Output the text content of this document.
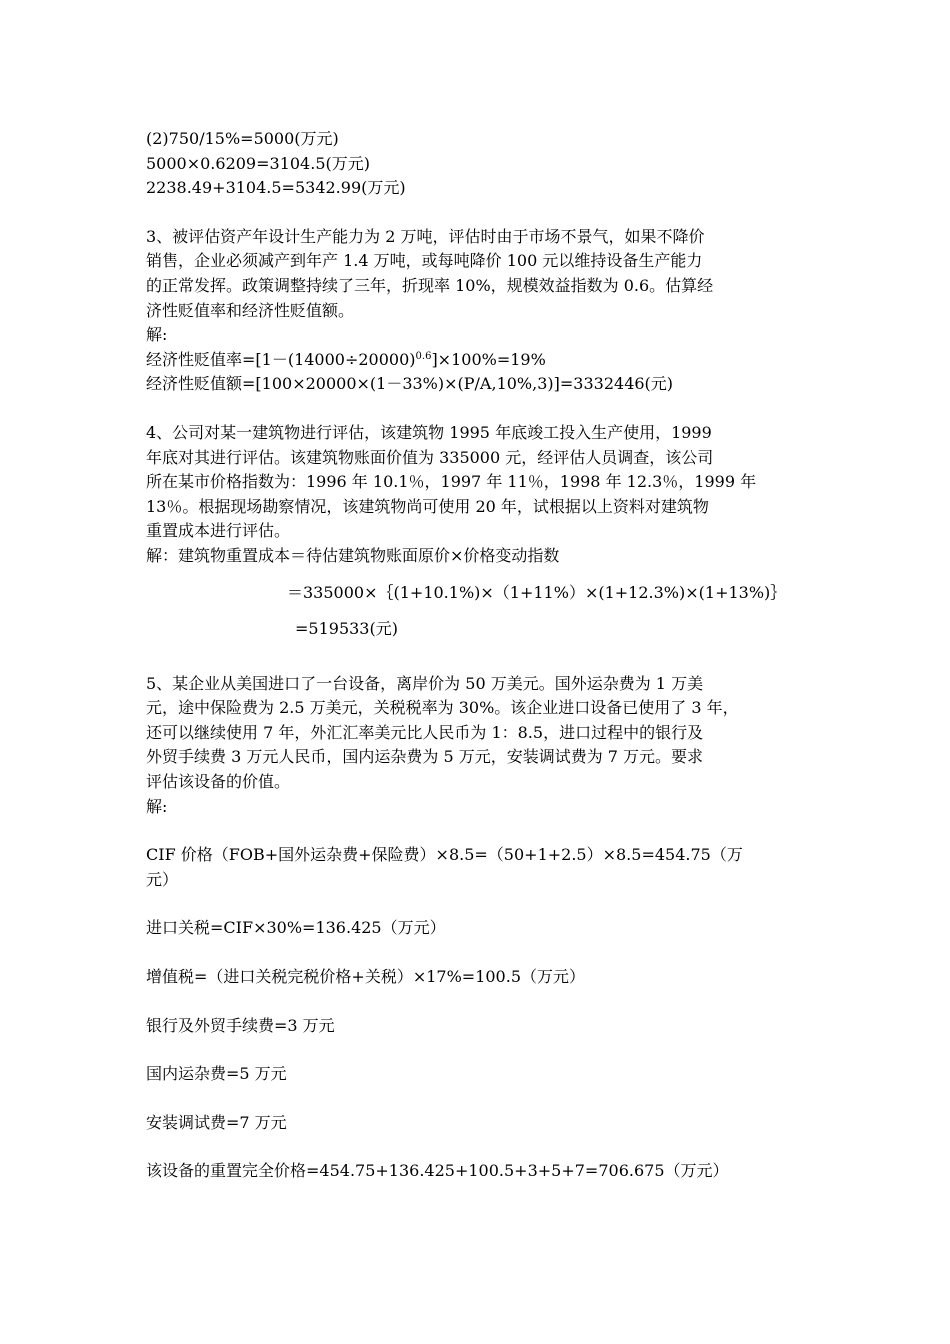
(2)750/15%=5000(万元)
5000×0.6209=3104.5(万元)
2238.49+3104.5=5342.99(万元)
3、被评估资产年设计生产能力为 2 万吨，评估时由于市场不景气，如果不降价
销售，企业必须减产到年产 1.4 万吨，或每吨降价 100 元以维持设备生产能力
的正常发挥。政策调整持续了三年，折现率 10%，规模效益指数为 0.6。估算经
济性贬值率和经济性贬值额。
解:
经济性贬值率$=[1-(14000\div 20000)^{0.6}]\times 100\%=19\%$
经济性贬值额=[100×20000×(1－33%)×(P/A,10%,3)]=3332446(元)
4、公司对某一建筑物进行评估，该建筑物 1995 年底竣工投入生产使用，1999
年底对其进行评估。该建筑物账面价值为 335000 元，经评估人员调查，该公司
所在某市价格指数为：1996 年 10.1％，1997 年 11％，1998 年 12.3％，1999 年
13％。根据现场勘察情况，该建筑物尚可使用 20 年，试根据以上资料对建筑物
重置成本进行评估。
解：建筑物重置成本＝待估建筑物账面原价×价格变动指数
＝335000×｛(1+10.1%)×（1+11%）×(1+12.3%)×(1+13%)｝
=519533(元)
5、某企业从美国进口了一台设备，离岸价为 50 万美元。国外运杂费为 1 万美
元，途中保险费为 2.5 万美元，关税税率为 30%。该企业进口设备已使用了 3 年，
还可以继续使用 7 年，外汇汇率美元比人民币为 1：8.5，进口过程中的银行及
外贸手续费 3 万元人民币，国内运杂费为 5 万元，安装调试费为 7 万元。要求
评估该设备的价值。
解:
CIF 价格（FOB+国外运杂费+保险费）×8.5=（50+1+2.5）×8.5=454.75（万
元）
进口关税=CIF×30%=136.425（万元）
增值税=（进口关税完税价格+关税）×17%=100.5（万元）
银行及外贸手续费=3 万元
国内运杂费=5 万元
安装调试费=7 万元
该设备的重置完全价格=454.75+136.425+100.5+3+5+7=706.675（万元）
